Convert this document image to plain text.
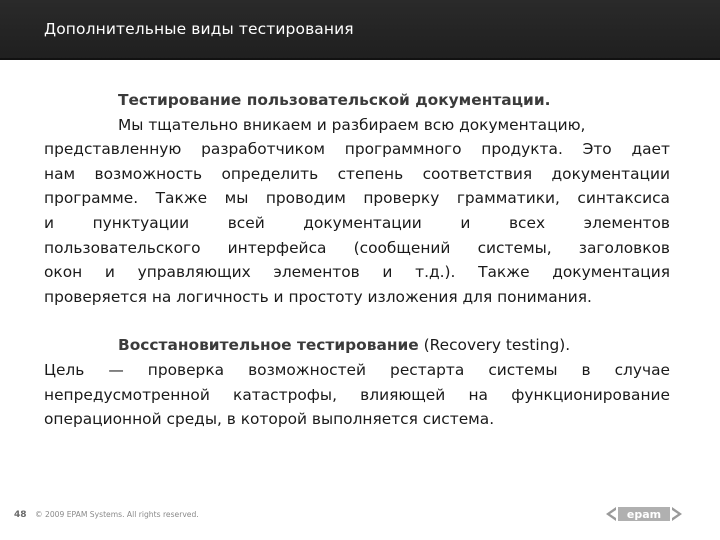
Дополнительные виды тестирования
Тестирование пользовательской документации.
Мы тщательно вникаем и разбираем всю документацию,
представленную разработчиком программного продукта. Это дает
нам возможность определить степень соответствия документации
программе. Также мы проводим проверку грамматики, синтаксиса
и пунктуации всей документации и всех элементов
пользовательского интерфейса (сообщений системы, заголовков
окон и управляющих элементов и т.д.). Также документация
проверяется на логичность и простоту изложения для понимания.
Восстановительное тестирование (Recovery testing).
Цель — проверка возможностей рестарта системы в случае
непредусмотренной катастрофы, влияющей на функционирование
операционной среды, в которой выполняется система.
48 © 2009 EPAM Systems. All rights reserved.	epam
